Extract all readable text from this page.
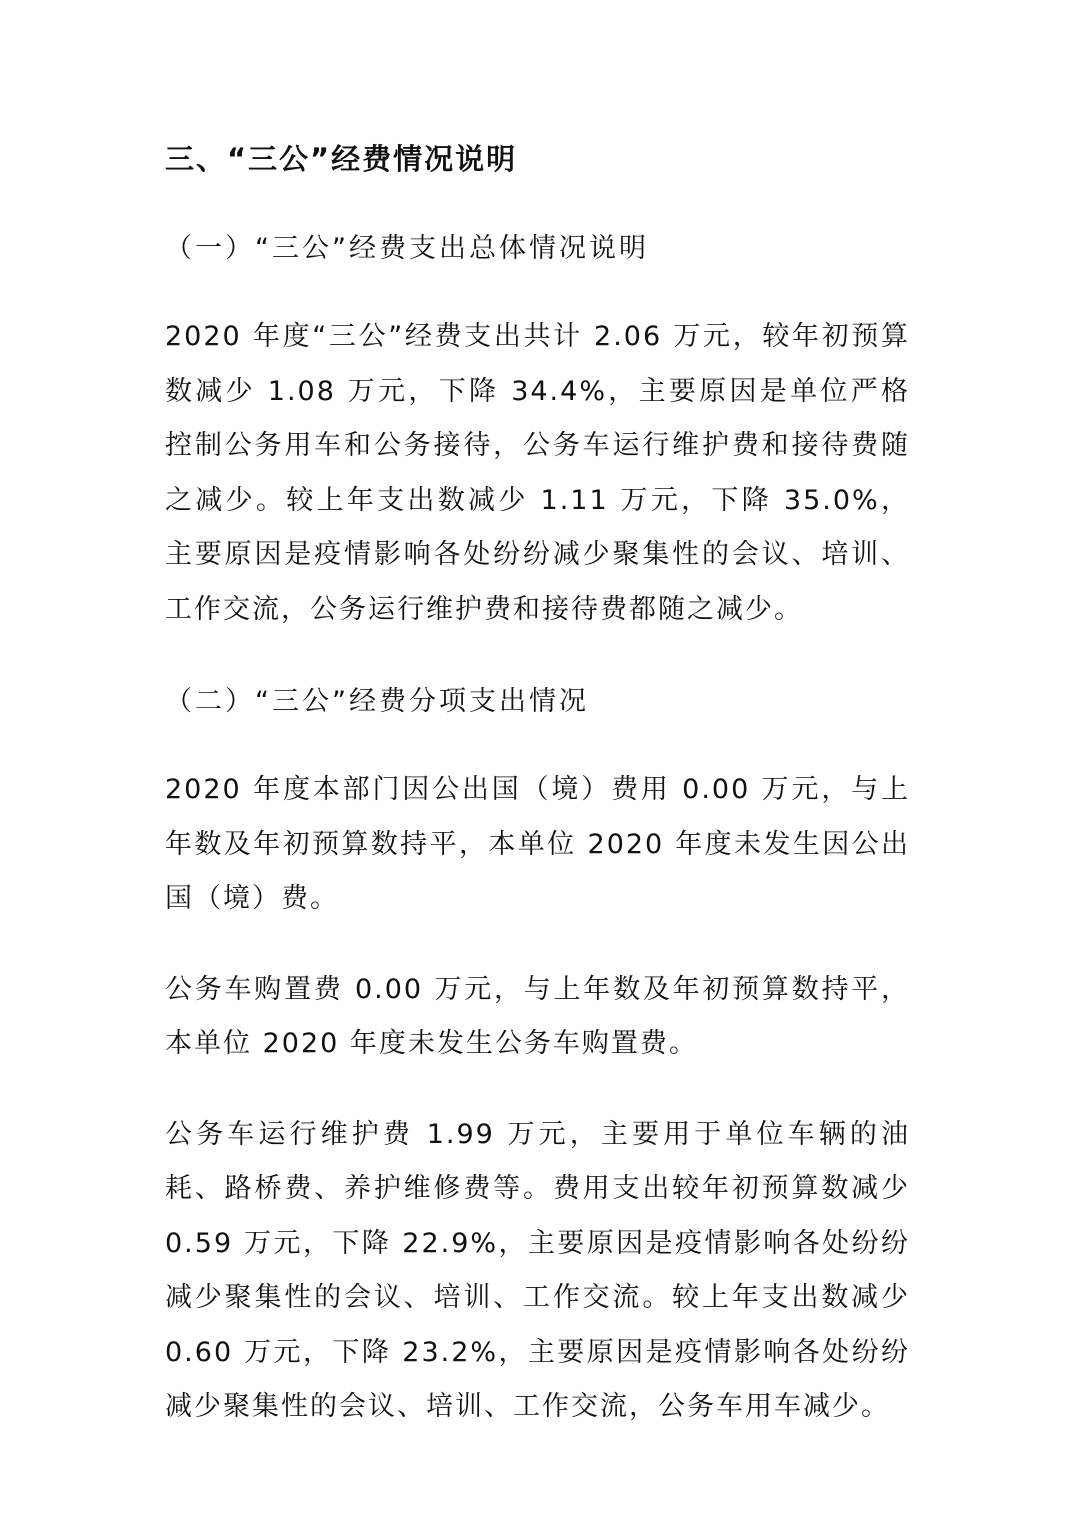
三、“三公”经费情况说明
（一）“三公”经费支出总体情况说明
2020 年度“三公”经费支出共计 2.06 万元，较年初预算数减少 1.08 万元，下降 34.4%，主要原因是单位严格控制公务用车和公务接待，公务车运行维护费和接待费随之减少。较上年支出数减少 1.11 万元，下降 35.0%，主要原因是疫情影响各处纷纷减少聚集性的会议、培训、工作交流，公务运行维护费和接待费都随之减少。
（二）“三公”经费分项支出情况
2020 年度本部门因公出国（境）费用 0.00 万元，与上年数及年初预算数持平，本单位 2020 年度未发生因公出国（境）费。
公务车购置费 0.00 万元，与上年数及年初预算数持平，本单位 2020 年度未发生公务车购置费。
公务车运行维护费 1.99 万元，主要用于单位车辆的油耗、路桥费、养护维修费等。费用支出较年初预算数减少 0.59 万元，下降 22.9%，主要原因是疫情影响各处纷纷减少聚集性的会议、培训、工作交流。较上年支出数减少 0.60 万元，下降 23.2%，主要原因是疫情影响各处纷纷减少聚集性的会议、培训、工作交流，公务车用车减少。
